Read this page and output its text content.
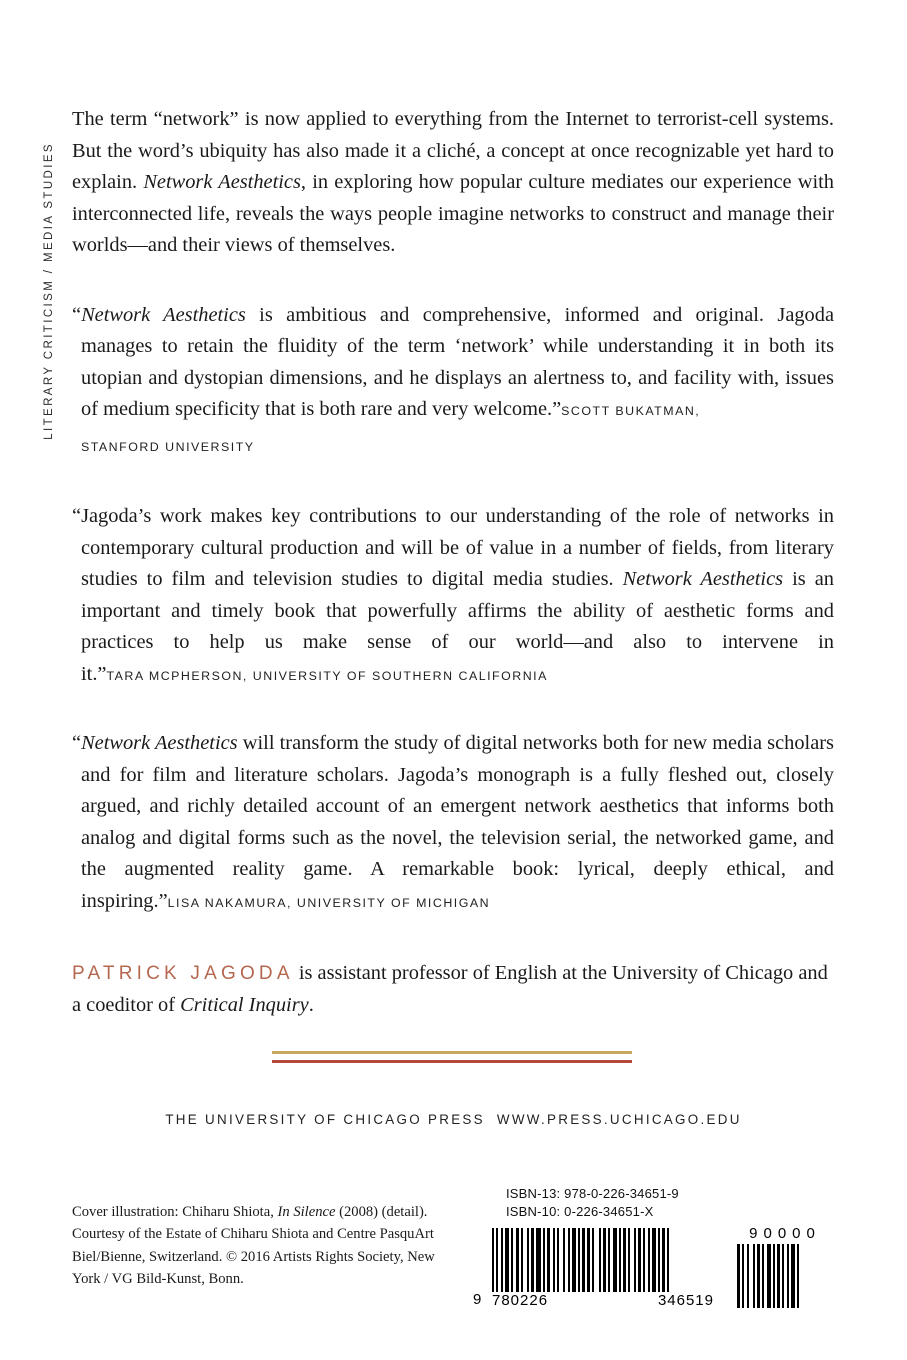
LITERARY CRITICISM / MEDIA STUDIES

The term “network” is now applied to everything from the Internet to terrorist-cell systems. But the word’s ubiquity has also made it a cliché, a concept at once recognizable yet hard to explain. Network Aesthetics, in exploring how popular culture mediates our experience with interconnected life, reveals the ways people imagine networks to construct and manage their worlds—and their views of themselves.

“Network Aesthetics is ambitious and comprehensive, informed and original. Jagoda manages to retain the fluidity of the term ‘network’ while understanding it in both its utopian and dystopian dimensions, and he displays an alertness to, and facility with, issues of medium specificity that is both rare and very welcome.”SCOTT BUKATMAN,
STANFORD UNIVERSITY

“Jagoda’s work makes key contributions to our understanding of the role of networks in contemporary cultural production and will be of value in a number of fields, from literary studies to film and television studies to digital media studies. Network Aesthetics is an important and timely book that powerfully affirms the ability of aesthetic forms and practices to help us make sense of our world—and also to intervene in it.”TARA MCPHERSON, UNIVERSITY OF SOUTHERN CALIFORNIA

“Network Aesthetics will transform the study of digital networks both for new media scholars and for film and literature scholars. Jagoda’s monograph is a fully fleshed out, closely argued, and richly detailed account of an emergent network aesthetics that informs both analog and digital forms such as the novel, the television serial, the networked game, and the augmented reality game. A remarkable book: lyrical, deeply ethical, and inspiring.”LISA NAKAMURA, UNIVERSITY OF MICHIGAN

PATRICK JAGODA is assistant professor of English at the University of Chicago and a coeditor of Critical Inquiry.

THE UNIVERSITY OF CHICAGO PRESS WWW.PRESS.UCHICAGO.EDU

Cover illustration: Chiharu Shiota, In Silence (2008) (detail). Courtesy of the Estate of Chiharu Shiota and Centre PasquArt Biel/Bienne, Switzerland. © 2016 Artists Rights Society, New York / VG Bild-Kunst, Bonn.

ISBN-13: 978-0-226-34651-9
ISBN-10: 0-226-34651-X
9 780226	346519
90000
